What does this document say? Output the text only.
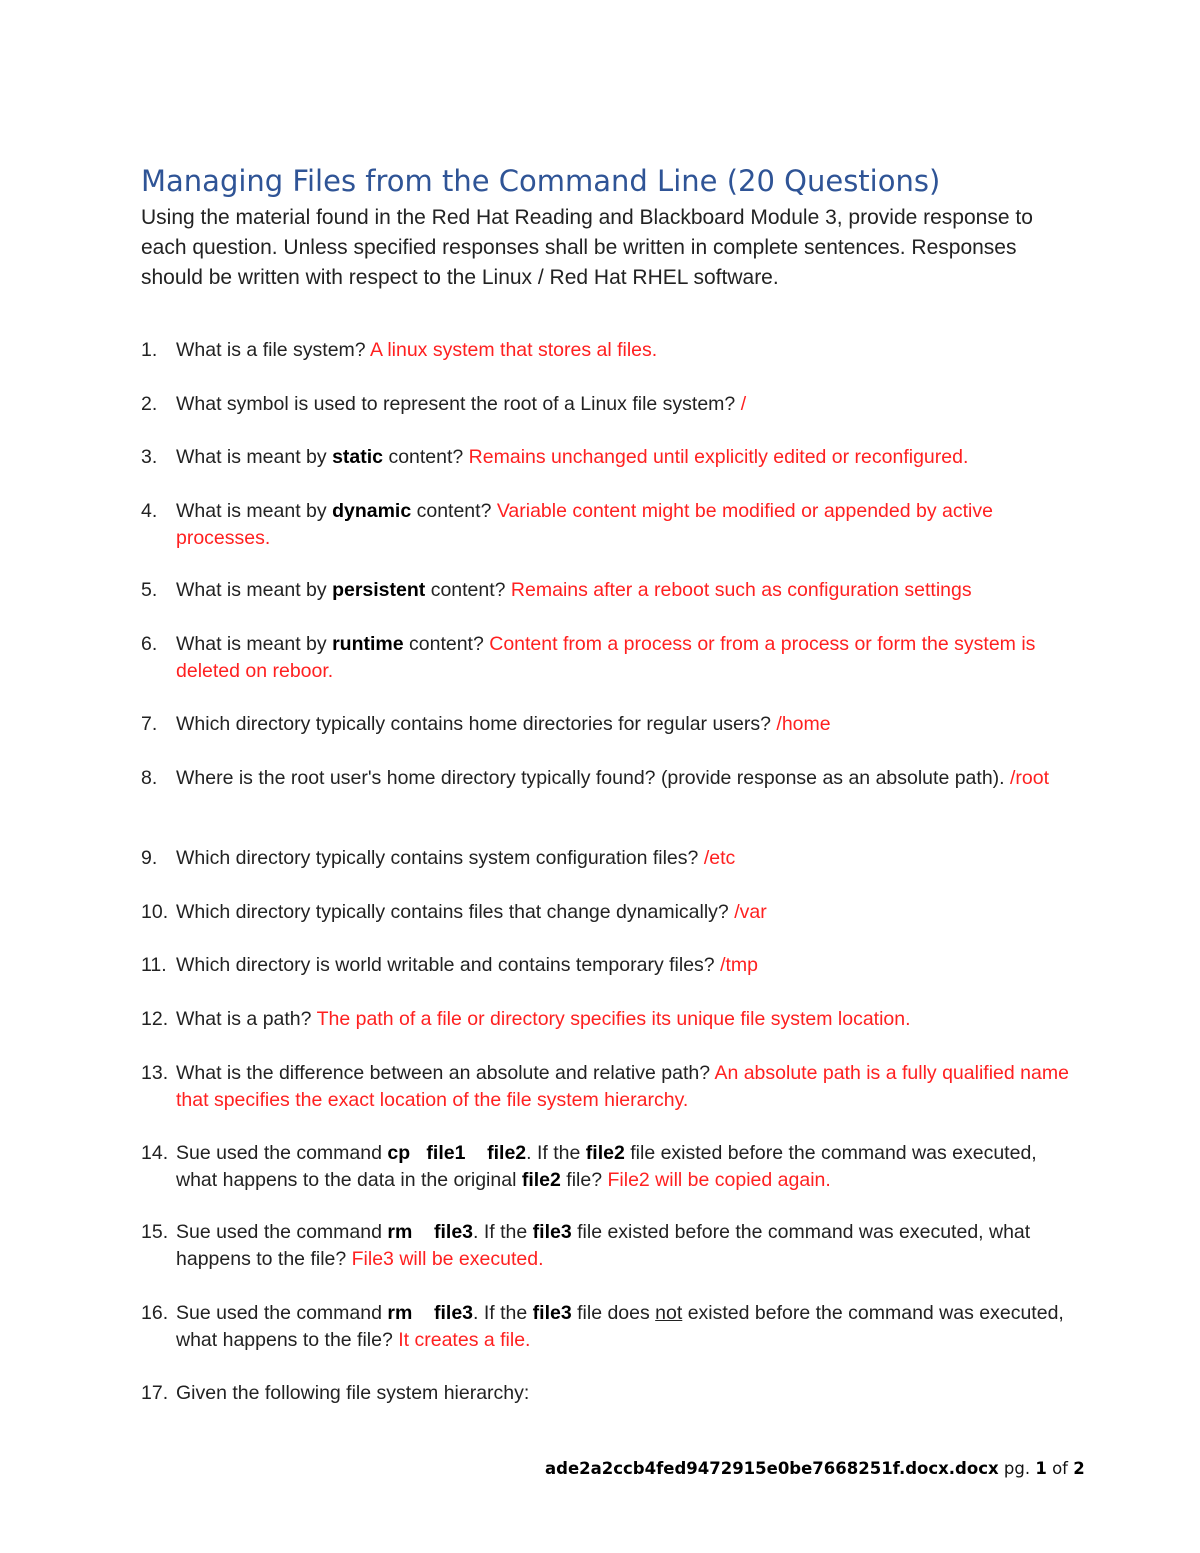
Managing Files from the Command Line (20 Questions)
Using the material found in the Red Hat Reading and Blackboard Module 3, provide response to each question. Unless specified responses shall be written in complete sentences. Responses should be written with respect to the Linux / Red Hat RHEL software.
1. What is a file system? A linux system that stores al files.
2. What symbol is used to represent the root of a Linux file system? /
3. What is meant by static content? Remains unchanged until explicitly edited or reconfigured.
4. What is meant by dynamic content? Variable content might be modified or appended by active processes.
5. What is meant by persistent content? Remains after a reboot such as configuration settings
6. What is meant by runtime content? Content from a process or from a process or form the system is deleted on reboor.
7. Which directory typically contains home directories for regular users? /home
8. Where is the root user's home directory typically found? (provide response as an absolute path). /root
9. Which directory typically contains system configuration files? /etc
10. Which directory typically contains files that change dynamically? /var
11. Which directory is world writable and contains temporary files? /tmp
12. What is a path? The path of a file or directory specifies its unique file system location.
13. What is the difference between an absolute and relative path? An absolute path is a fully qualified name that specifies the exact location of the file system hierarchy.
14. Sue used the command cp file1 file2. If the file2 file existed before the command was executed, what happens to the data in the original file2 file? File2 will be copied again.
15. Sue used the command rm file3. If the file3 file existed before the command was executed, what happens to the file? File3 will be executed.
16. Sue used the command rm file3. If the file3 file does not existed before the command was executed, what happens to the file? It creates a file.
17. Given the following file system hierarchy:
ade2a2ccb4fed9472915e0be7668251f.docx.docx pg. 1 of 2
